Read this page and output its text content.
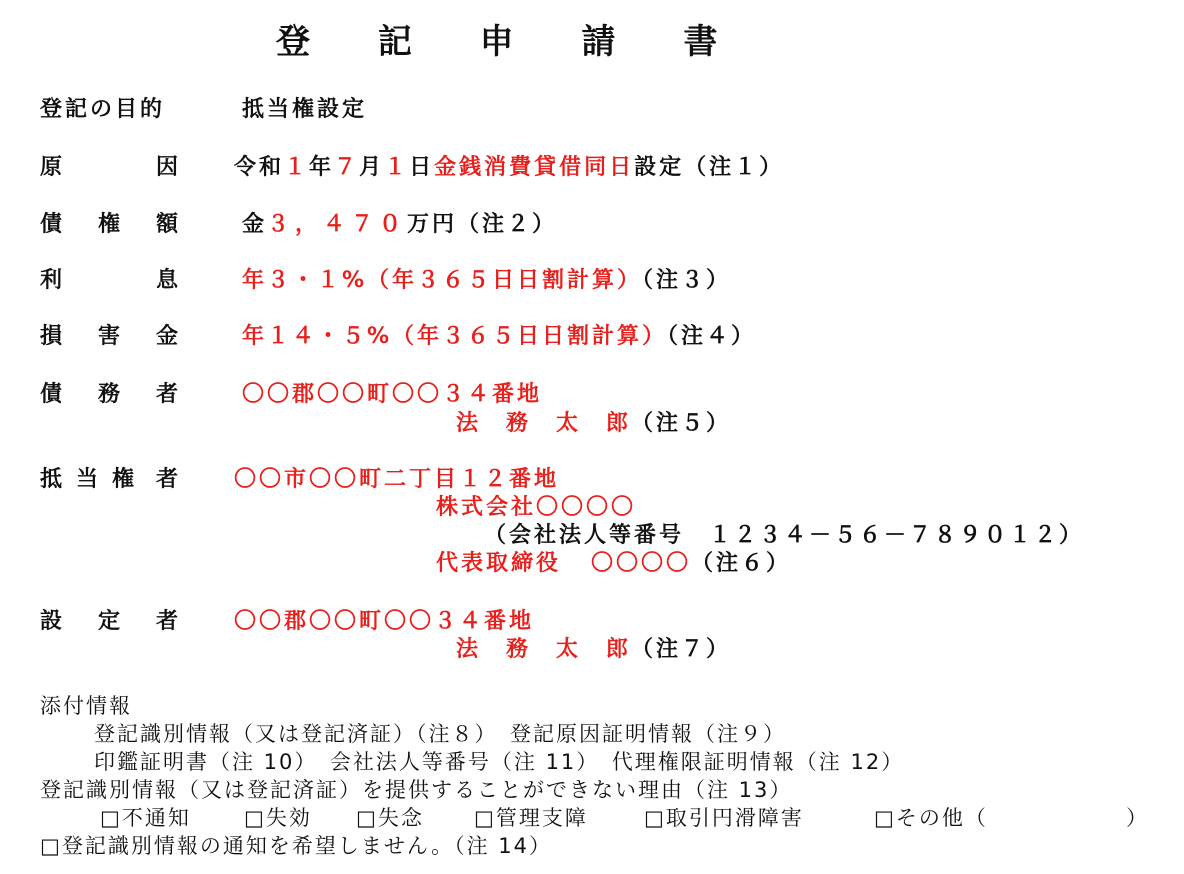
登 記 申 請 書
登記の目的	抵当権設定
原	因	令和１年７月１日金銭消費貸借同日設定（注１）
債 権 額	金３，４７０万円（注２）
利	息	年３・１%（年３６５日日割計算）（注３）
損 害 金	年１４・５%（年３６５日日割計算）（注４）
債 務 者	〇〇郡〇〇町〇〇３４番地
法　務　太　郎（注５）
抵 当 権 者	〇〇市〇〇町二丁目１２番地
株式会社〇〇〇〇
（会社法人等番号　１２３４－５６－７８９０１２）
代表取締役 〇〇〇〇（注６）
設 定 者	〇〇郡〇〇町〇〇３４番地
法　務　太　郎（注７）
添付情報
登記識別情報（又は登記済証）（注８）　登記原因証明情報（注９）
印鑑証明書（注 10）　会社法人等番号（注 11）　代理権限証明情報（注 12）
登記識別情報（又は登記済証）を提供することができない理由（注 13）
□不通知	□失効 □失念 □管理支障	□取引円滑障害	□その他（	）
□登記識別情報の通知を希望しません。（注 14）
